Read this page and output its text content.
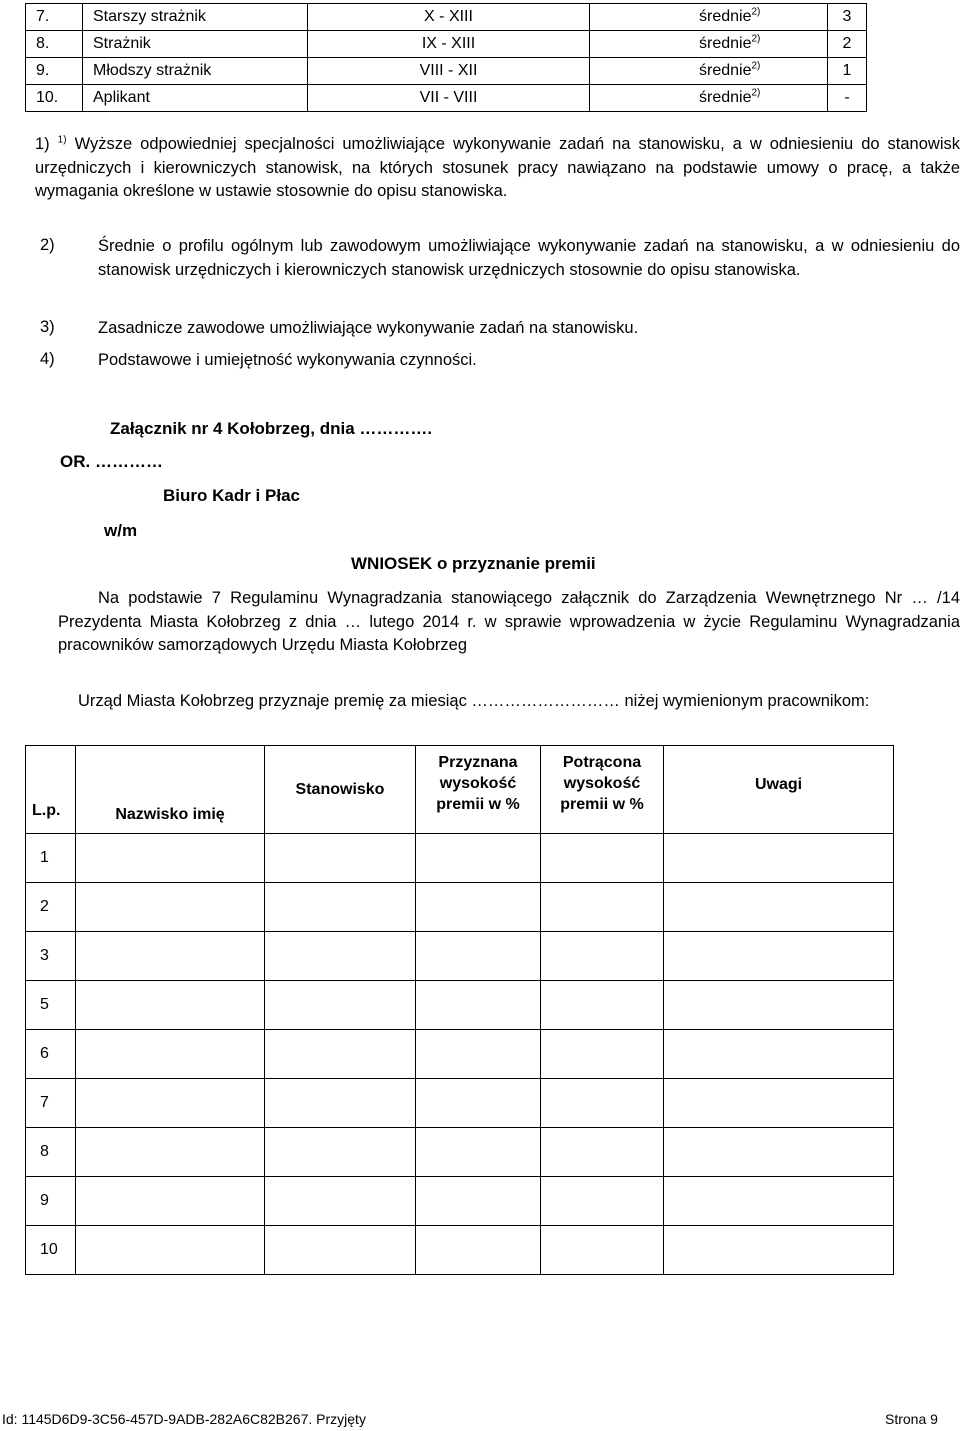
7.	Starszy strażnik	X - XIII	średnie$^{2)}$	3
8.	Strażnik	IX - XIII	średnie$^{2)}$	2
9.	Młodszy strażnik	VIII - XII	średnie$^{2)}$	1
10.	Aplikant	VII - VIII	średnie$^{2)}$	-
1) $^{1)}$ Wyższe odpowiedniej specjalności umożliwiające wykonywanie zadań na stanowisku, a w odniesieniu do stanowisk urzędniczych i kierowniczych stanowisk, na których stosunek pracy nawiązano na podstawie umowy o pracę, a także wymagania określone w ustawie stosownie do opisu stanowiska.
2)	Średnie o profilu ogólnym lub zawodowym umożliwiające wykonywanie zadań na stanowisku, a w odniesieniu do stanowisk urzędniczych i kierowniczych stanowisk urzędniczych stosownie do opisu stanowiska.
3)	Zasadnicze zawodowe umożliwiające wykonywanie zadań na stanowisku.
4)	Podstawowe i umiejętność wykonywania czynności.
Załącznik nr 4 Kołobrzeg, dnia ………….
OR. …………
Biuro Kadr i Płac
w/m
WNIOSEK o przyznanie premii
Na podstawie 7 Regulaminu Wynagradzania stanowiącego załącznik do Zarządzenia Wewnętrznego Nr … /14 Prezydenta Miasta Kołobrzeg z dnia … lutego 2014 r. w sprawie wprowadzenia w życie Regulaminu Wynagradzania pracowników samorządowych Urzędu Miasta Kołobrzeg
Urząd Miasta Kołobrzeg przyznaje premię za miesiąc ……………………… niżej wymienionym pracownikom:
L.p.	Nazwisko imię	Stanowisko	Przyznana wysokość premii w %	Potrącona wysokość premii w %	Uwagi
1					
2					
3					
5					
6					
7					
8					
9					
10					
Id: 1145D6D9-3C56-457D-9ADB-282A6C82B267. Przyjęty	Strona 9
